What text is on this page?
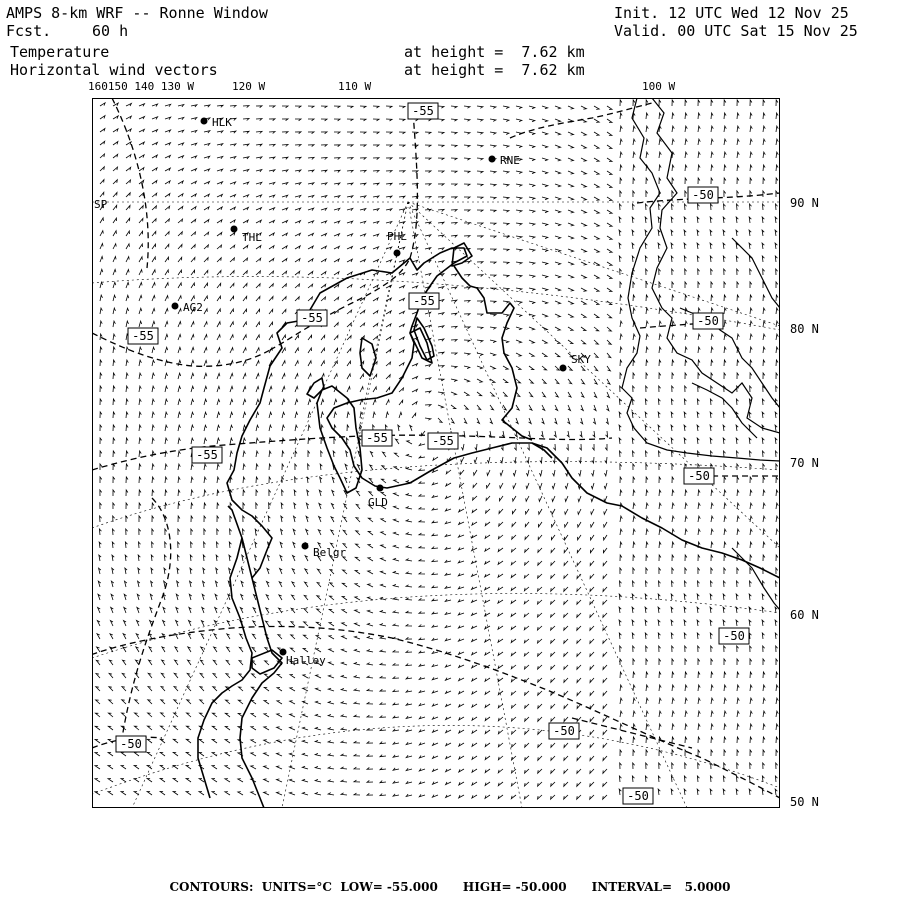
AMPS 8-km WRF -- Ronne Window
Fcst.	60 h
Init. 12 UTC Wed 12 Nov 25
Valid. 00 UTC Sat 15 Nov 25
Temperature
Horizontal wind vectors
at height =  7.62 km
at height =  7.62 km
160150 140 130 W	120 W	110 W	100 W
90 N
80 N
70 N
60 N
50 N
-55
-55
-55
-55
-55
-55	-55
-50
-50
-50
-50
-50
-50
-50
SP
HLK
RNE
THL	PHL
AG2
SKY
GLD
Belgr
Halley
CONTOURS:  UNITS=°C  LOW= -55.000      HIGH= -50.000      INTERVAL=   5.0000
